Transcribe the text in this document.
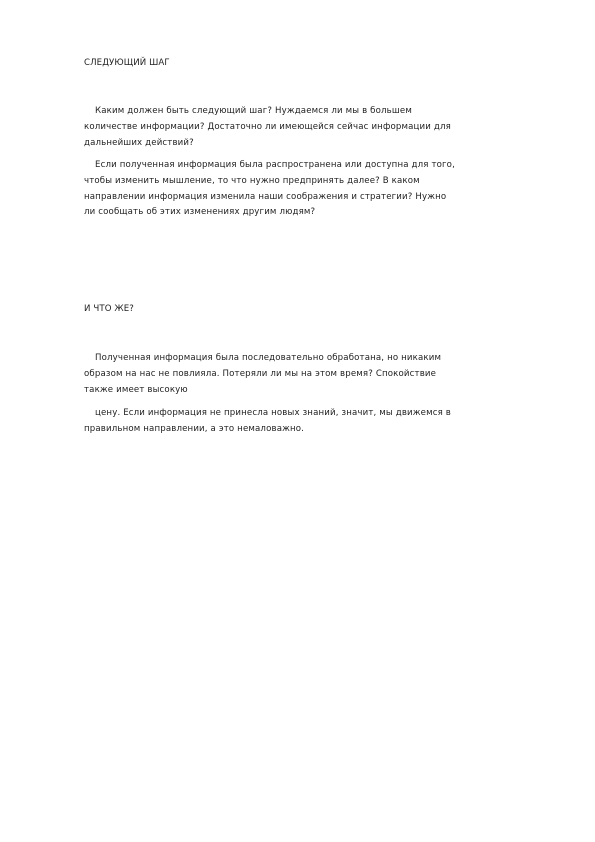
СЛЕДУЮЩИЙ ШАГ

Каким должен быть следующий шаг? Нуждаемся ли мы в большем
количестве информации? Достаточно ли имеющейся сейчас информации для
дальнейших действий?

Если полученная информация была распространена или доступна для того,
чтобы изменить мышление, то что нужно предпринять далее? В каком
направлении информация изменила наши соображения и стратегии? Нужно
ли сообщать об этих изменениях другим людям?

И ЧТО ЖЕ?

Полученная информация была последовательно обработана, но никаким
образом на нас не повлияла. Потеряли ли мы на этом время? Спокойствие
также имеет высокую

цену. Если информация не принесла новых знаний, значит, мы движемся в
правильном направлении, а это немаловажно.
